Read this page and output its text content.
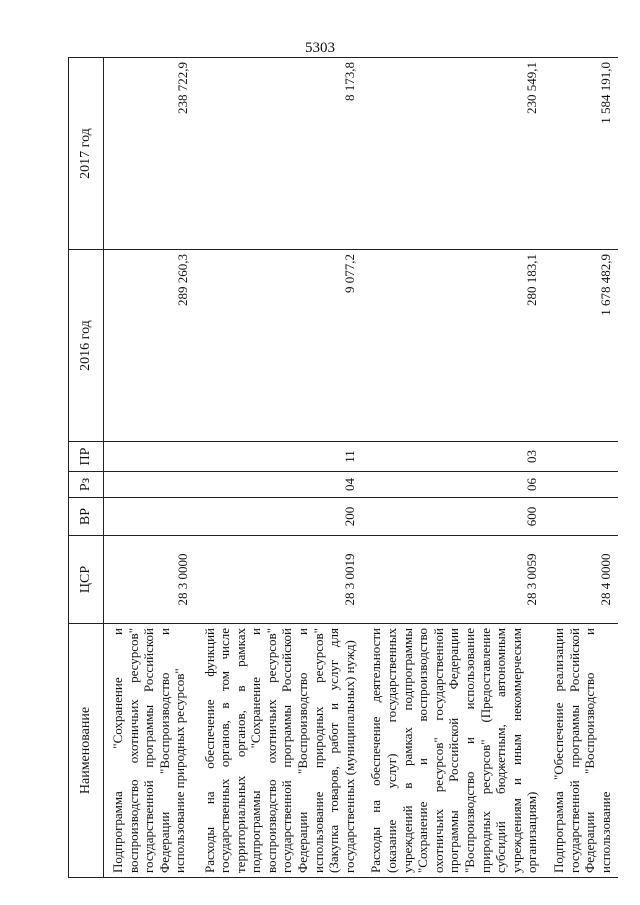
5303
Наименование	ЦСР	ВР	Рз	ПР	2016 год	2017 год
Подпрограмма "Сохранение и воспроизводство охотничьих ресурсов" государственной программы Российской Федерации "Воспроизводство и использование природных ресурсов"	28 3 0000				289 260,3	238 722,9
Расходы на обеспечение функций государственных органов, в том числе территориальных органов, в рамках подпрограммы "Сохранение и воспроизводство охотничьих ресурсов" государственной программы Российской Федерации "Воспроизводство и использование природных ресурсов" (Закупка товаров, работ и услуг для государственных (муниципальных) нужд)	28 3 0019	200	04	11	9 077,2	8 173,8
Расходы на обеспечение деятельности (оказание услуг) государственных учреждений в рамках подпрограммы "Сохранение и воспроизводство охотничьих ресурсов" государственной программы Российской Федерации "Воспроизводство и использование природных ресурсов" (Предоставление субсидий бюджетным, автономным учреждениям и иным некоммерческим организациям)	28 3 0059	600	06	03	280 183,1	230 549,1
Подпрограмма "Обеспечение реализации государственной программы Российской Федерации "Воспроизводство и использование	28 4 0000				1 678 482,9	1 584 191,0
